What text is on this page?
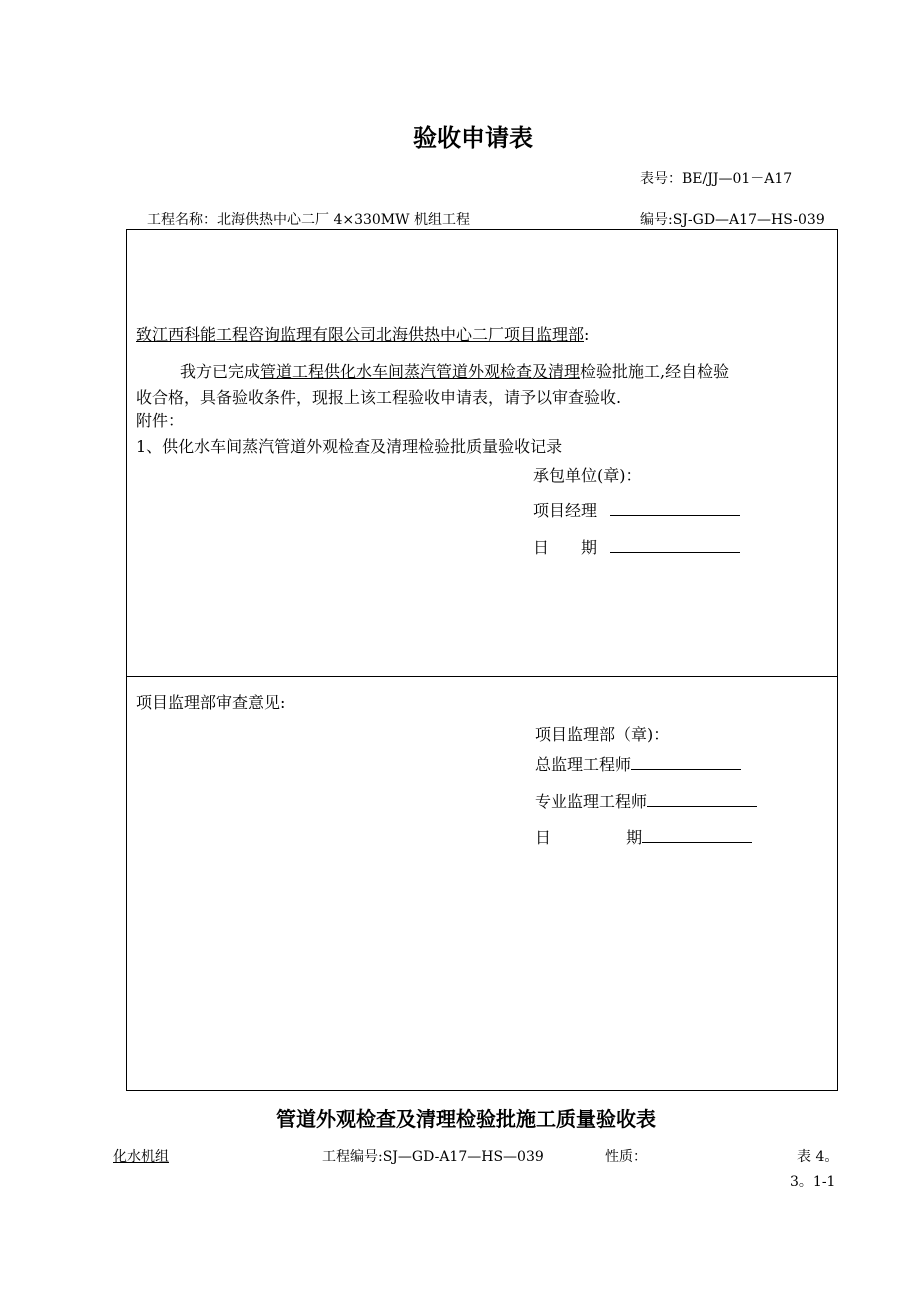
验收申请表
表号：BE/JJ—01－A17
工程名称：北海供热中心二厂 4×330MW 机组工程	编号:SJ-GD—A17—HS-039
致江西科能工程咨询监理有限公司北海供热中心二厂项目监理部:
我方已完成管道工程供化水车间蒸汽管道外观检查及清理检验批施工,经自检验
收合格，具备验收条件，现报上该工程验收申请表，请予以审查验收.
附件：
1、供化水车间蒸汽管道外观检查及清理检验批质量验收记录
承包单位(章)：
项目经理
日　　期
项目监理部审查意见:
项目监理部（章)：
总监理工程师
专业监理工程师
日	期
管道外观检查及清理检验批施工质量验收表
化水机组	工程编号:SJ—GD-A17—HS—039	性质：	表 4。
3。1-1
